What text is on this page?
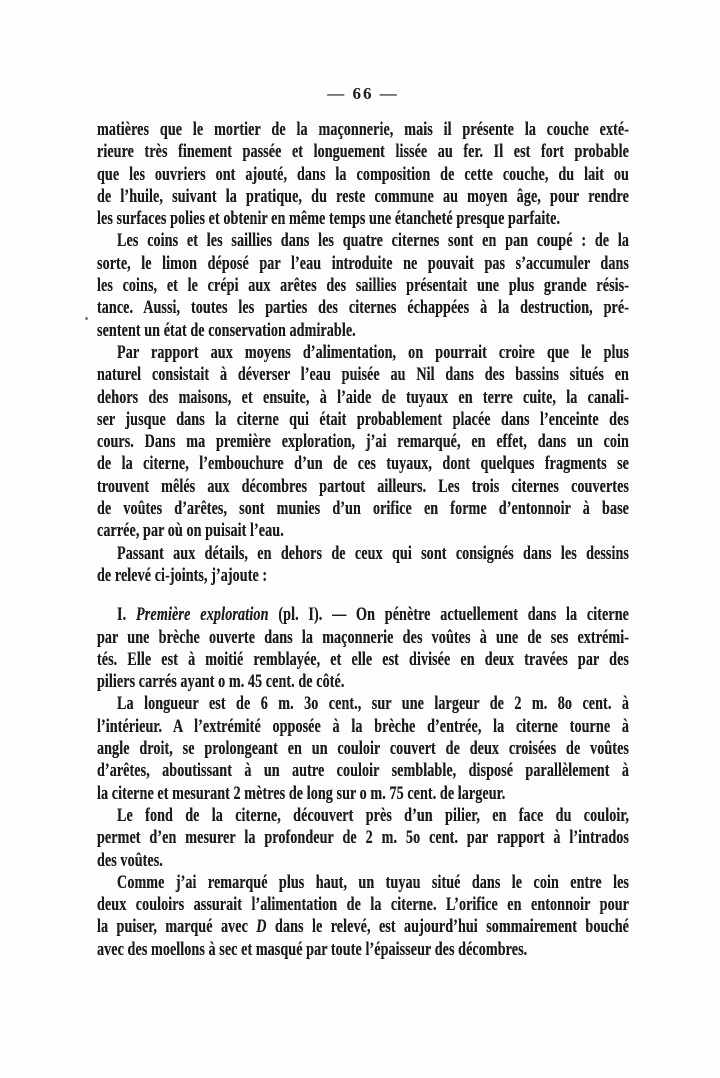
— 66 —
matières que le mortier de la maçonnerie, mais il présente la couche exté-
rieure très finement passée et longuement lissée au fer. Il est fort probable
que les ouvriers ont ajouté, dans la composition de cette couche, du lait ou
de l’huile, suivant la pratique, du reste commune au moyen âge, pour rendre
les surfaces polies et obtenir en même temps une étancheté presque parfaite.
Les coins et les saillies dans les quatre citernes sont en pan coupé : de la
sorte, le limon déposé par l’eau introduite ne pouvait pas s’accumuler dans
les coins, et le crépi aux arêtes des saillies présentait une plus grande résis-
tance. Aussi, toutes les parties des citernes échappées à la destruction, pré-
sentent un état de conservation admirable.
Par rapport aux moyens d’alimentation, on pourrait croire que le plus
naturel consistait à déverser l’eau puisée au Nil dans des bassins situés en
dehors des maisons, et ensuite, à l’aide de tuyaux en terre cuite, la canali-
ser jusque dans la citerne qui était probablement placée dans l’enceinte des
cours. Dans ma première exploration, j’ai remarqué, en effet, dans un coin
de la citerne, l’embouchure d’un de ces tuyaux, dont quelques fragments se
trouvent mêlés aux décombres partout ailleurs. Les trois citernes couvertes
de voûtes d’arêtes, sont munies d’un orifice en forme d’entonnoir à base
carrée, par où on puisait l’eau.
Passant aux détails, en dehors de ceux qui sont consignés dans les dessins
de relevé ci-joints, j’ajoute :
I. Première exploration (pl. I). — On pénètre actuellement dans la citerne
par une brèche ouverte dans la maçonnerie des voûtes à une de ses extrémi-
tés. Elle est à moitié remblayée, et elle est divisée en deux travées par des
piliers carrés ayant o m. 45 cent. de côté.
La longueur est de 6 m. 3o cent., sur une largeur de 2 m. 8o cent. à
l’intérieur. A l’extrémité opposée à la brèche d’entrée, la citerne tourne à
angle droit, se prolongeant en un couloir couvert de deux croisées de voûtes
d’arêtes, aboutissant à un autre couloir semblable, disposé parallèlement à
la citerne et mesurant 2 mètres de long sur o m. 75 cent. de largeur.
Le fond de la citerne, découvert près d’un pilier, en face du couloir,
permet d’en mesurer la profondeur de 2 m. 5o cent. par rapport à l’intrados
des voûtes.
Comme j’ai remarqué plus haut, un tuyau situé dans le coin entre les
deux couloirs assurait l’alimentation de la citerne. L’orifice en entonnoir pour
la puiser, marqué avec D dans le relevé, est aujourd’hui sommairement bouché
avec des moellons à sec et masqué par toute l’épaisseur des décombres.
